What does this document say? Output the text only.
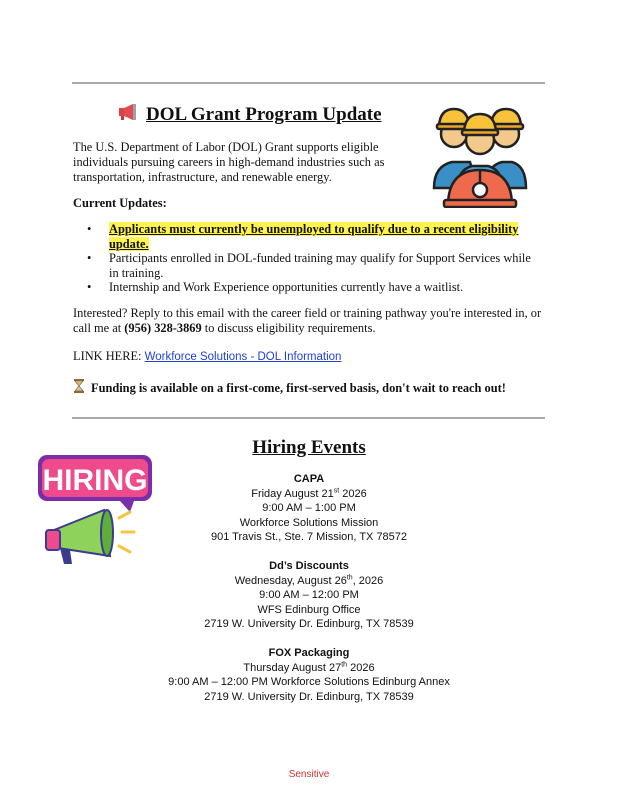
DOL Grant Program Update
The U.S. Department of Labor (DOL) Grant supports eligible individuals pursuing careers in high-demand industries such as transportation, infrastructure, and renewable energy.
Current Updates:
• Applicants must currently be unemployed to qualify due to a recent eligibility update.
• Participants enrolled in DOL-funded training may qualify for Support Services while in training.
• Internship and Work Experience opportunities currently have a waitlist.
Interested? Reply to this email with the career field or training pathway you're interested in, or call me at (956) 328-3869 to discuss eligibility requirements.
LINK HERE: Workforce Solutions - DOL Information
Funding is available on a first-come, first-served basis, don't wait to reach out!
HIRING
Hiring Events
CAPA
Friday August 21st 2026
9:00 AM – 1:00 PM
Workforce Solutions Mission
901 Travis St., Ste. 7 Mission, TX 78572
Dd’s Discounts
Wednesday, August 26th, 2026
9:00 AM – 12:00 PM
WFS Edinburg Office
2719 W. University Dr. Edinburg, TX 78539
FOX Packaging
Thursday August 27th 2026
9:00 AM – 12:00 PM Workforce Solutions Edinburg Annex
2719 W. University Dr. Edinburg, TX 78539
Sensitive
